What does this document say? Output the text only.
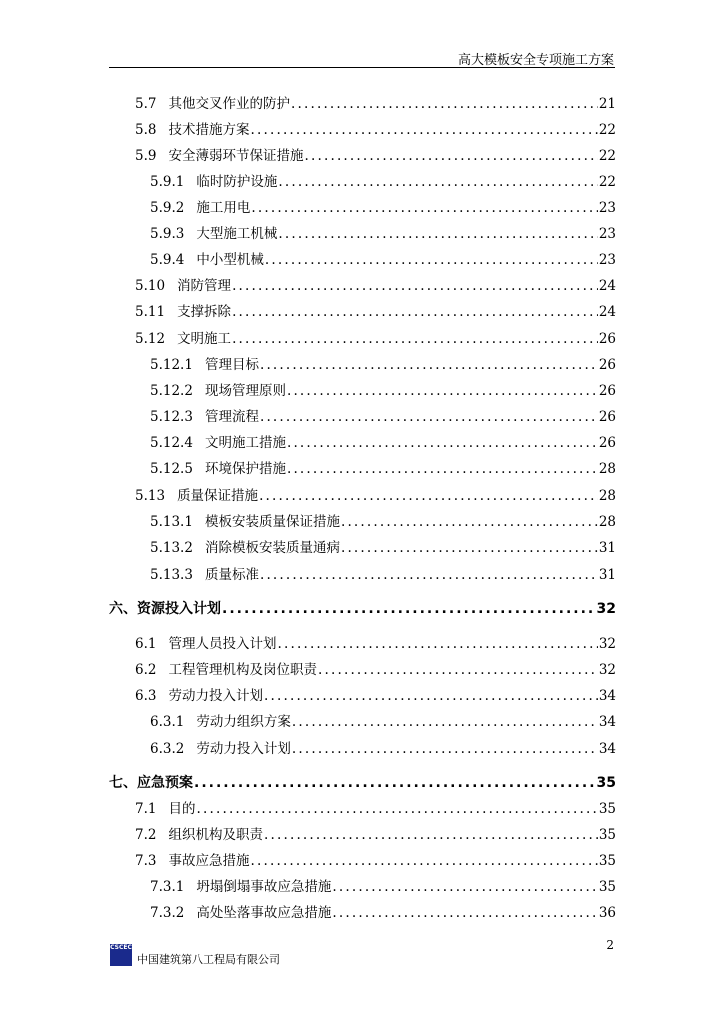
高大模板安全专项施工方案
5.7 其他交叉作业的防护 .....	21
5.8 技术措施方案 .....	22
5.9 安全薄弱环节保证措施 .....	22
5.9.1 临时防护设施 .....	22
5.9.2 施工用电 .....	23
5.9.3 大型施工机械 .....	23
5.9.4 中小型机械 .....	23
5.10 消防管理 .....	24
5.11 支撑拆除 .....	24
5.12 文明施工 .....	26
5.12.1 管理目标 .....	26
5.12.2 现场管理原则 .....	26
5.12.3 管理流程 .....	26
5.12.4 文明施工措施 .....	26
5.12.5 环境保护措施 .....	28
5.13 质量保证措施 .....	28
5.13.1 模板安装质量保证措施 .....	28
5.13.2 消除模板安装质量通病 .....	31
5.13.3 质量标准 .....	31
六、 资源投入计划 .....	32
6.1 管理人员投入计划 .....	32
6.2 工程管理机构及岗位职责 .....	32
6.3 劳动力投入计划 .....	34
6.3.1 劳动力组织方案 .....	34
6.3.2 劳动力投入计划 .....	34
七、 应急预案 .....	35
7.1 目的 .....	35
7.2 组织机构及职责 .....	35
7.3 事故应急措施 .....	35
7.3.1 坍塌倒塌事故应急措施 .....	35
7.3.2 高处坠落事故应急措施 .....	36
2
CSCEC
中国建筑第八工程局有限公司
